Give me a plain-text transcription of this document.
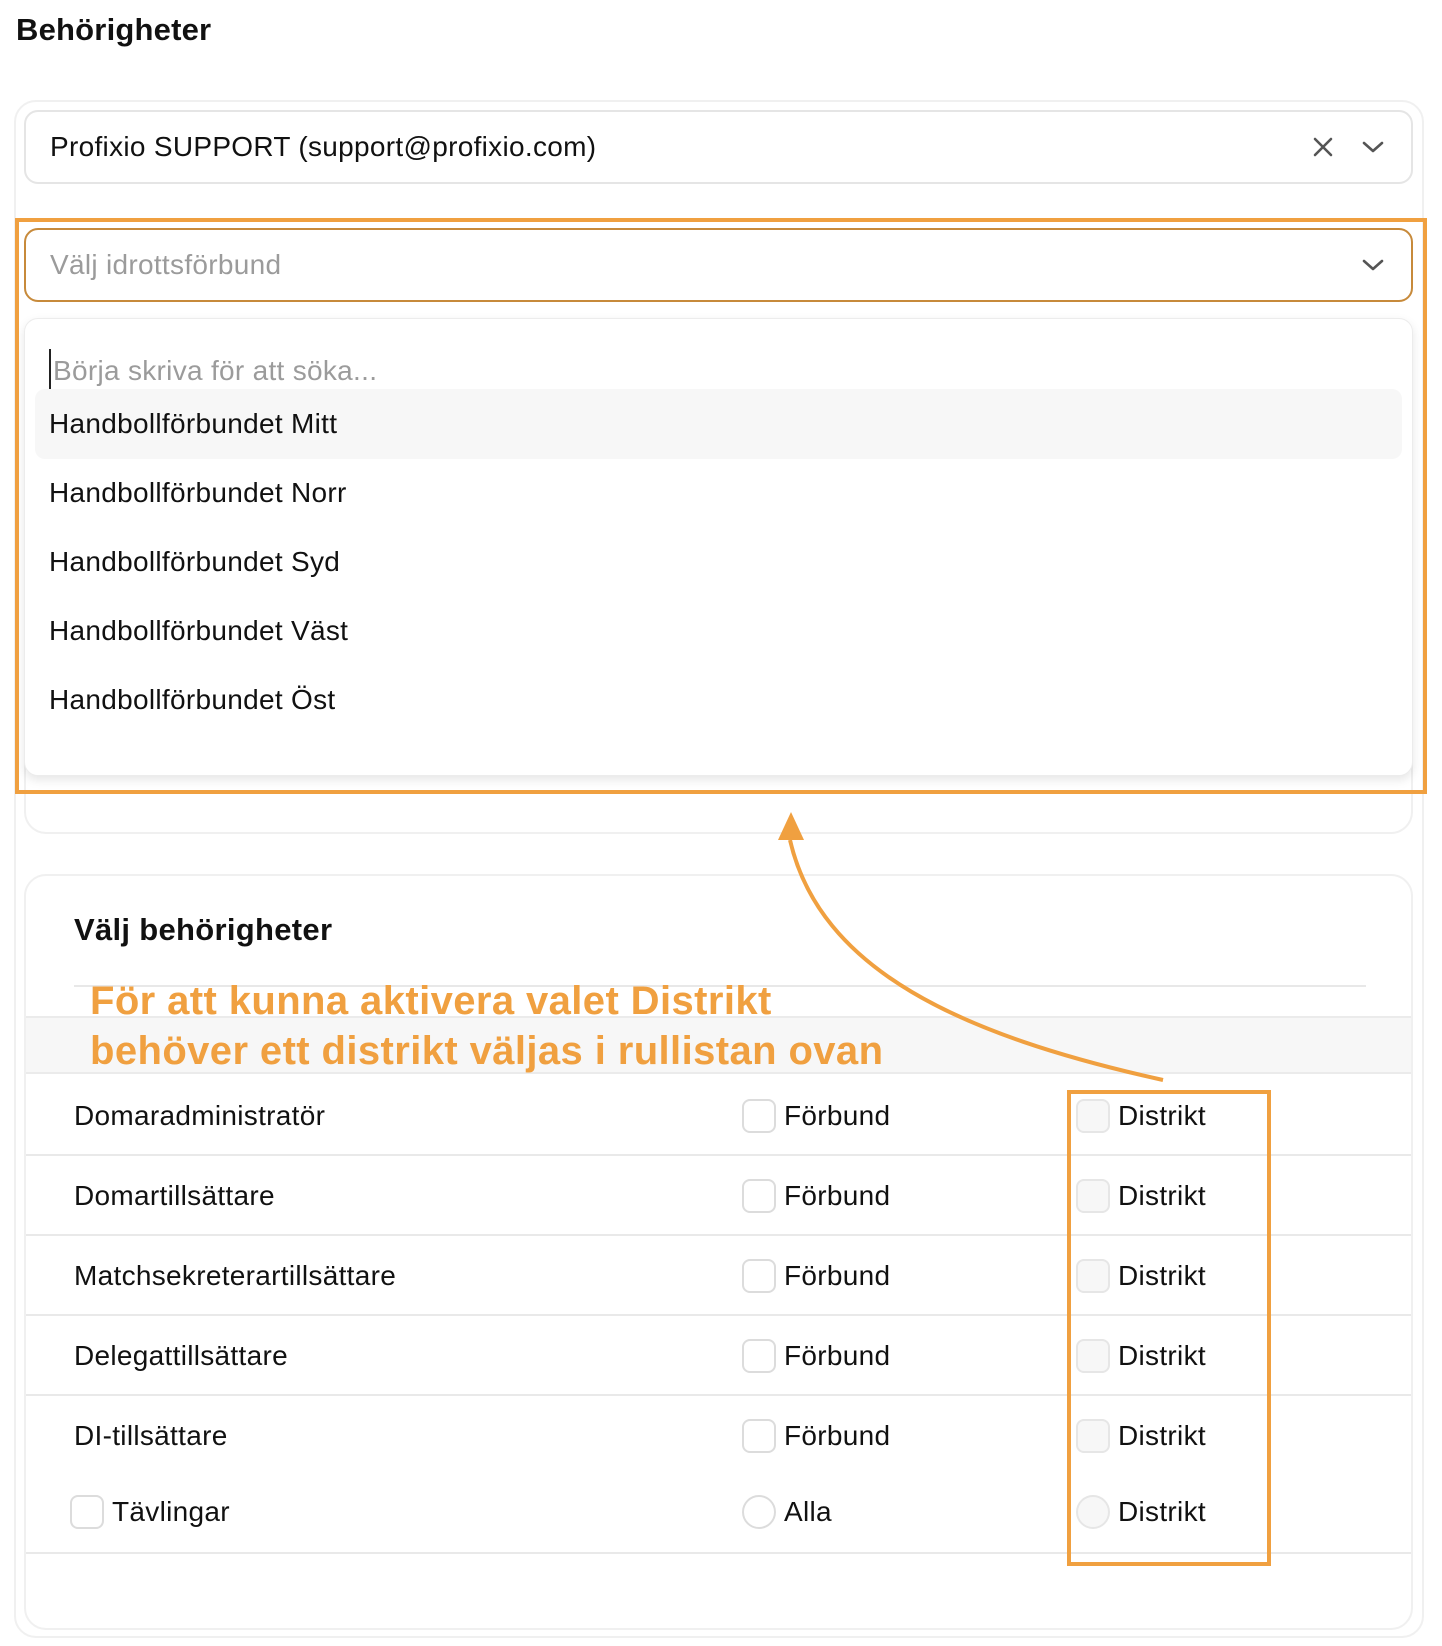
Behörigheter
Profixio SUPPORT (support@profixio.com)
Välj idrottsförbund
Börja skriva för att söka...
Handbollförbundet Mitt
Handbollförbundet Norr
Handbollförbundet Syd
Handbollförbundet Väst
Handbollförbundet Öst
Välj behörigheter
Domaradministratör	Förbund	Distrikt
Domartillsättare	Förbund	Distrikt
Matchsekreterartillsättare	Förbund	Distrikt
Delegattillsättare	Förbund	Distrikt
DI-tillsättare	Förbund	Distrikt
Tävlingar	Alla	Distrikt
För att kunna aktivera valet Distrikt
behöver ett distrikt väljas i rullistan ovan
